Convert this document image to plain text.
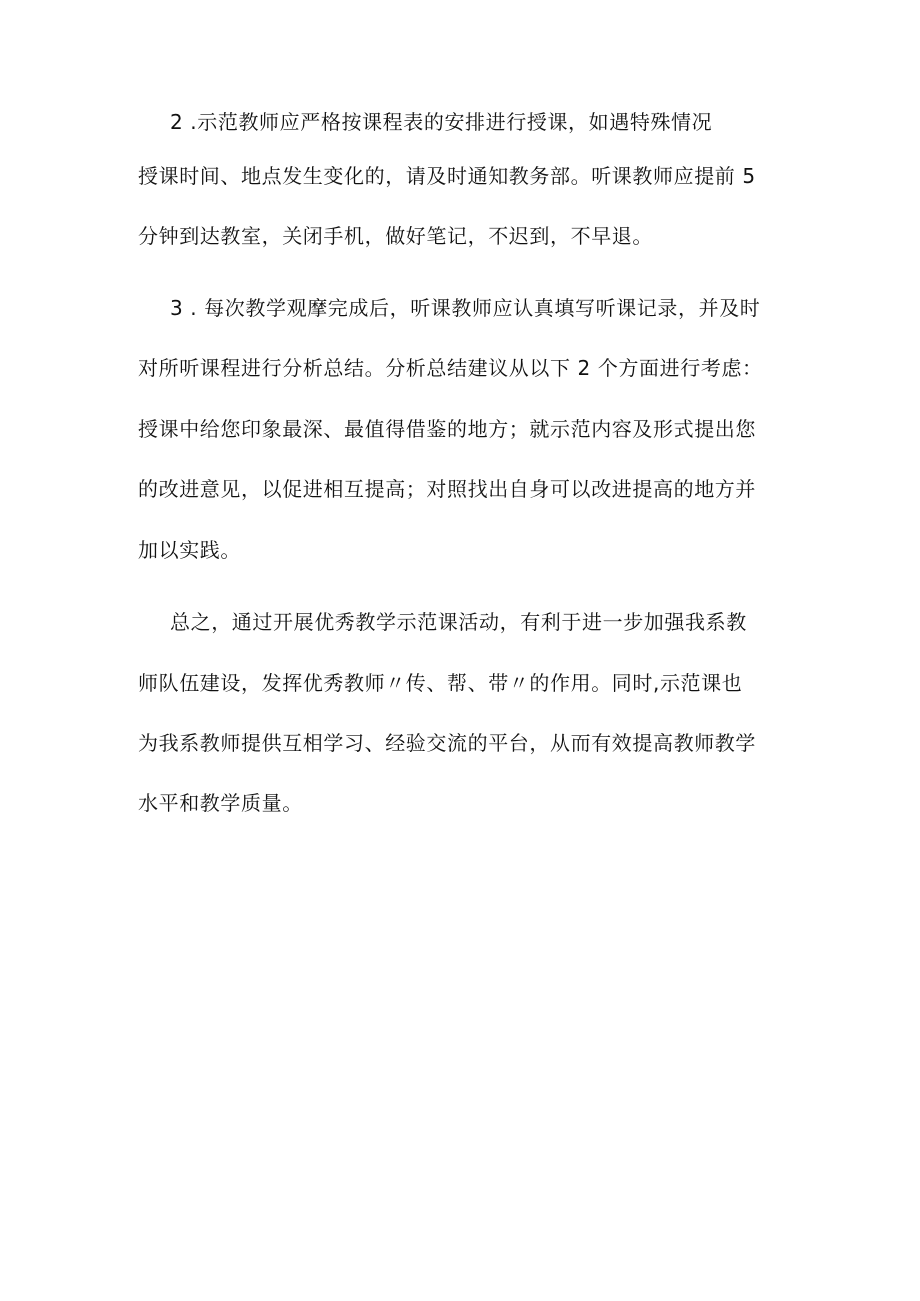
2 .示范教师应严格按课程表的安排进行授课，如遇特殊情况
授课时间、地点发生变化的，请及时通知教务部。听课教师应提前 5
分钟到达教室，关闭手机，做好笔记，不迟到，不早退。
3 . 每次教学观摩完成后，听课教师应认真填写听课记录，并及时
对所听课程进行分析总结。分析总结建议从以下 2 个方面进行考虑：
授课中给您印象最深、最值得借鉴的地方；就示范内容及形式提出您
的改进意见，以促进相互提高；对照找出自身可以改进提高的地方并
加以实践。
总之，通过开展优秀教学示范课活动，有利于进一步加强我系教
师队伍建设，发挥优秀教师〃传、帮、带〃的作用。同时,示范课也
为我系教师提供互相学习、经验交流的平台，从而有效提高教师教学
水平和教学质量。
